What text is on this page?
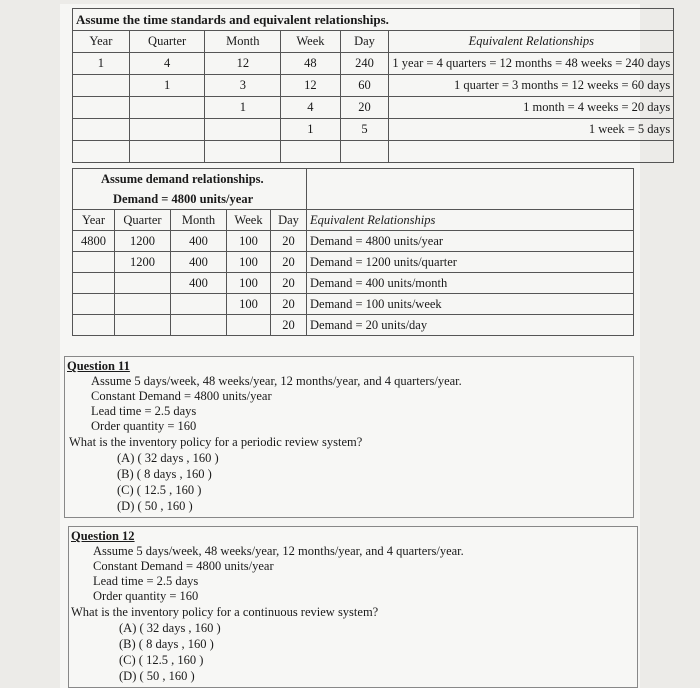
Assume the time standards and equivalent relationships.					
Year	Quarter	Month	Week	Day	Equivalent Relationships
1	4	12	48	240	1 year = 4 quarters = 12 months = 48 weeks = 240 days
	1	3	12	60	1 quarter = 3 months = 12 weeks = 60 days
		1	4	20	1 month = 4 weeks = 20 days
			1	5	1 week = 5 days

Assume demand relationships.					
Demand = 4800 units/year					
Year	Quarter	Month	Week	Day	Equivalent Relationships
4800	1200	400	100	20	Demand = 4800 units/year
	1200	400	100	20	Demand = 1200 units/quarter
		400	100	20	Demand = 400 units/month
			100	20	Demand = 100 units/week
				20	Demand = 20 units/day
Question 11
Assume 5 days/week, 48 weeks/year, 12 months/year, and 4 quarters/year.
Constant Demand = 4800 units/year
Lead time = 2.5 days
Order quantity = 160
What is the inventory policy for a periodic review system?
(A) ( 32 days , 160 )
(B) ( 8 days , 160 )
(C) ( 12.5 , 160 )
(D) ( 50 , 160 )
Question 12
Assume 5 days/week, 48 weeks/year, 12 months/year, and 4 quarters/year.
Constant Demand = 4800 units/year
Lead time = 2.5 days
Order quantity = 160
What is the inventory policy for a continuous review system?
(A) ( 32 days , 160 )
(B) ( 8 days , 160 )
(C) ( 12.5 , 160 )
(D) ( 50 , 160 )
